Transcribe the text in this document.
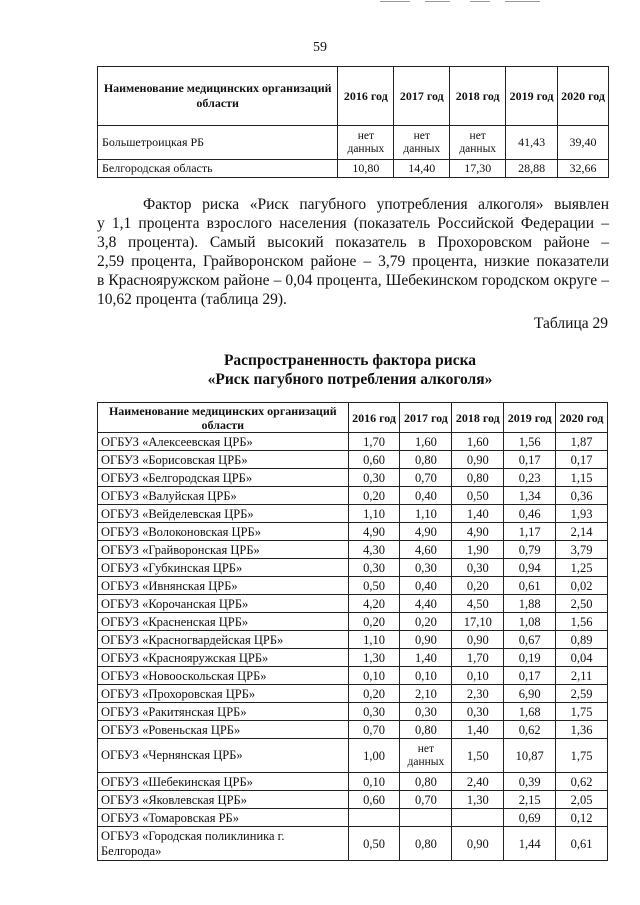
59
Наименование медицинских организаций области	2016 год	2017 год	2018 год	2019 год	2020 год
Большетроицкая РБ	нет данных	нет данных	нет данных	41,43	39,40
Белгородская область	10,80	14,40	17,30	28,88	32,66
Фактор риска «Риск пагубного употребления алкоголя» выявлен
у 1,1 процента взрослого населения (показатель Российской Федерации –
3,8 процента). Самый высокий показатель в Прохоровском районе –
2,59 процента, Грайворонском районе – 3,79 процента, низкие показатели
в Краснояружском районе – 0,04 процента, Шебекинском городском округе –
10,62 процента (таблица 29).
Таблица 29
Распространенность фактора риска
«Риск пагубного потребления алкоголя»
Наименование медицинских организаций области	2016 год	2017 год	2018 год	2019 год	2020 год
ОГБУЗ «Алексеевская ЦРБ»	1,70	1,60	1,60	1,56	1,87
ОГБУЗ «Борисовская ЦРБ»	0,60	0,80	0,90	0,17	0,17
ОГБУЗ «Белгородская ЦРБ»	0,30	0,70	0,80	0,23	1,15
ОГБУЗ «Валуйская ЦРБ»	0,20	0,40	0,50	1,34	0,36
ОГБУЗ «Вейделевская ЦРБ»	1,10	1,10	1,40	0,46	1,93
ОГБУЗ «Волоконовская ЦРБ»	4,90	4,90	4,90	1,17	2,14
ОГБУЗ «Грайворонская ЦРБ»	4,30	4,60	1,90	0,79	3,79
ОГБУЗ «Губкинская ЦРБ»	0,30	0,30	0,30	0,94	1,25
ОГБУЗ «Ивнянская ЦРБ»	0,50	0,40	0,20	0,61	0,02
ОГБУЗ «Корочанская ЦРБ»	4,20	4,40	4,50	1,88	2,50
ОГБУЗ «Красненская ЦРБ»	0,20	0,20	17,10	1,08	1,56
ОГБУЗ «Красногвардейская ЦРБ»	1,10	0,90	0,90	0,67	0,89
ОГБУЗ «Краснояружская ЦРБ»	1,30	1,40	1,70	0,19	0,04
ОГБУЗ «Новооскольская ЦРБ»	0,10	0,10	0,10	0,17	2,11
ОГБУЗ «Прохоровская ЦРБ»	0,20	2,10	2,30	6,90	2,59
ОГБУЗ «Ракитянская ЦРБ»	0,30	0,30	0,30	1,68	1,75
ОГБУЗ «Ровеньская ЦРБ»	0,70	0,80	1,40	0,62	1,36
ОГБУЗ «Чернянская ЦРБ»	1,00	нет данных	1,50	10,87	1,75
ОГБУЗ «Шебекинская ЦРБ»	0,10	0,80	2,40	0,39	0,62
ОГБУЗ «Яковлевская ЦРБ»	0,60	0,70	1,30	2,15	2,05
ОГБУЗ «Томаровская РБ»				0,69	0,12
ОГБУЗ «Городская поликлиника г. Белгорода»	0,50	0,80	0,90	1,44	0,61
